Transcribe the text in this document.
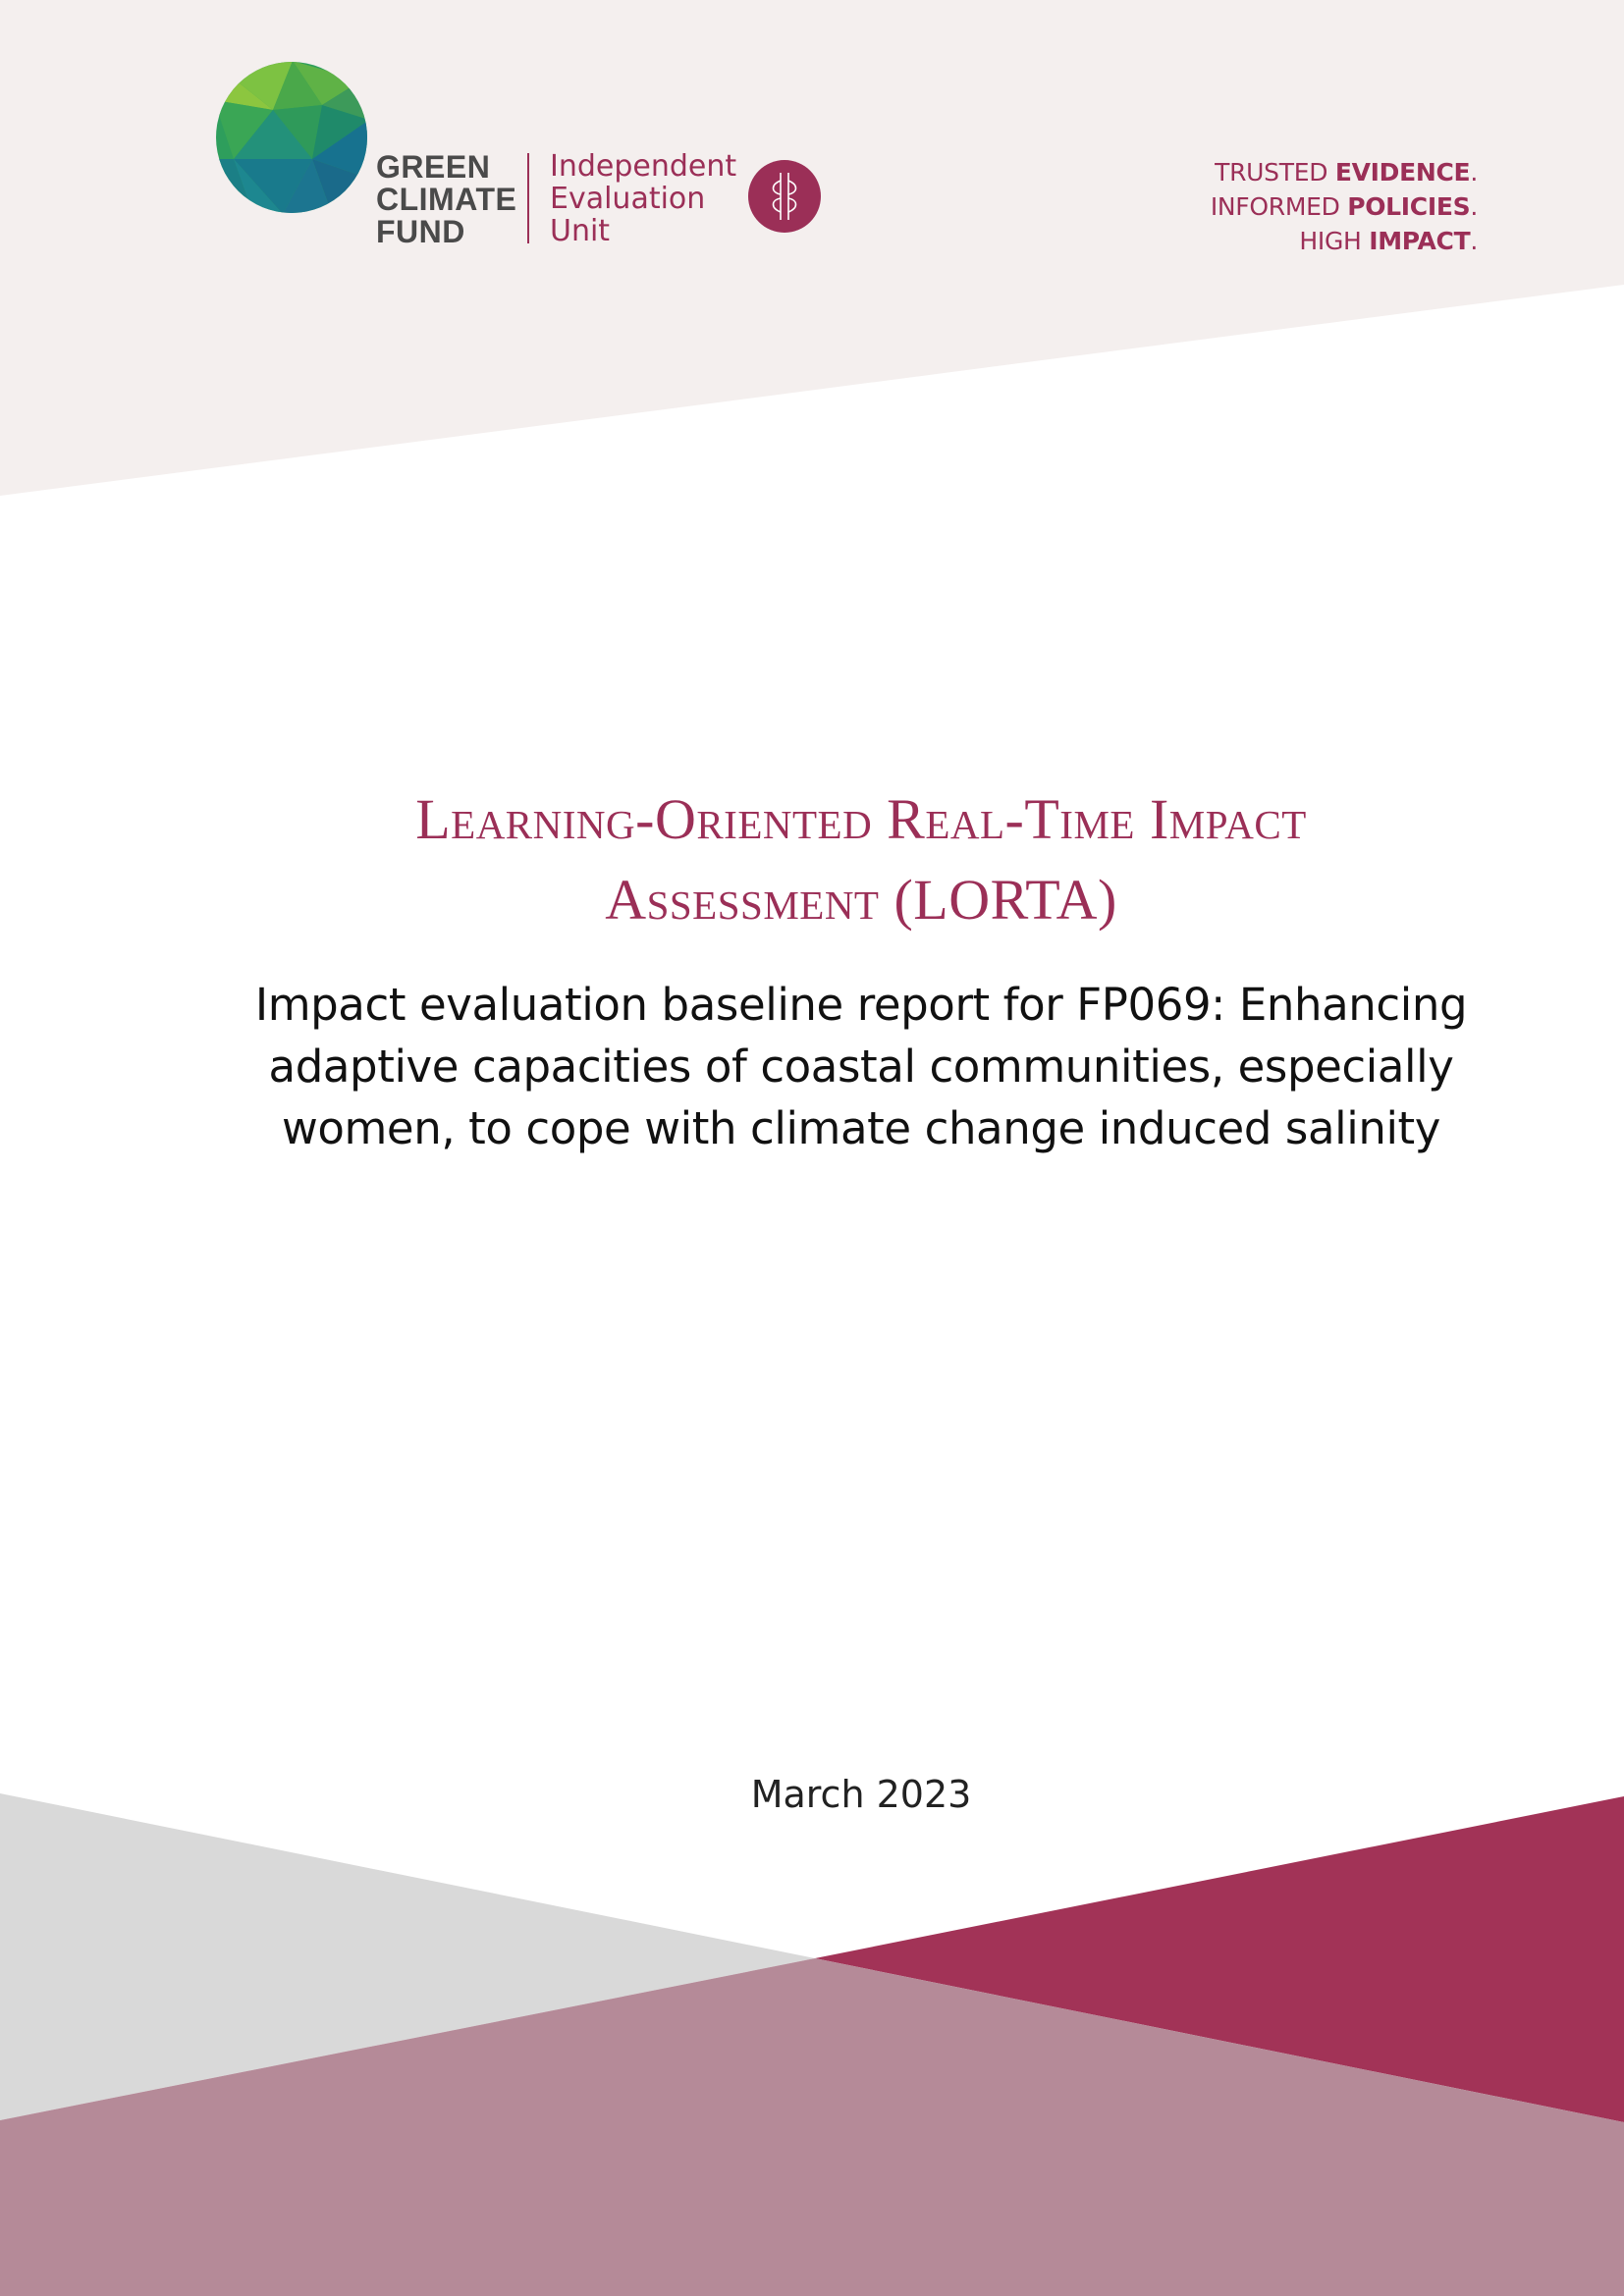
GREEN
CLIMATE
FUND
Independent
Evaluation
Unit
TRUSTED EVIDENCE.
INFORMED POLICIES.
HIGH IMPACT.
Learning-Oriented Real-Time Impact
Assessment (LORTA)
Impact evaluation baseline report for FP069: Enhancing
adaptive capacities of coastal communities, especially
women, to cope with climate change induced salinity
March 2023
